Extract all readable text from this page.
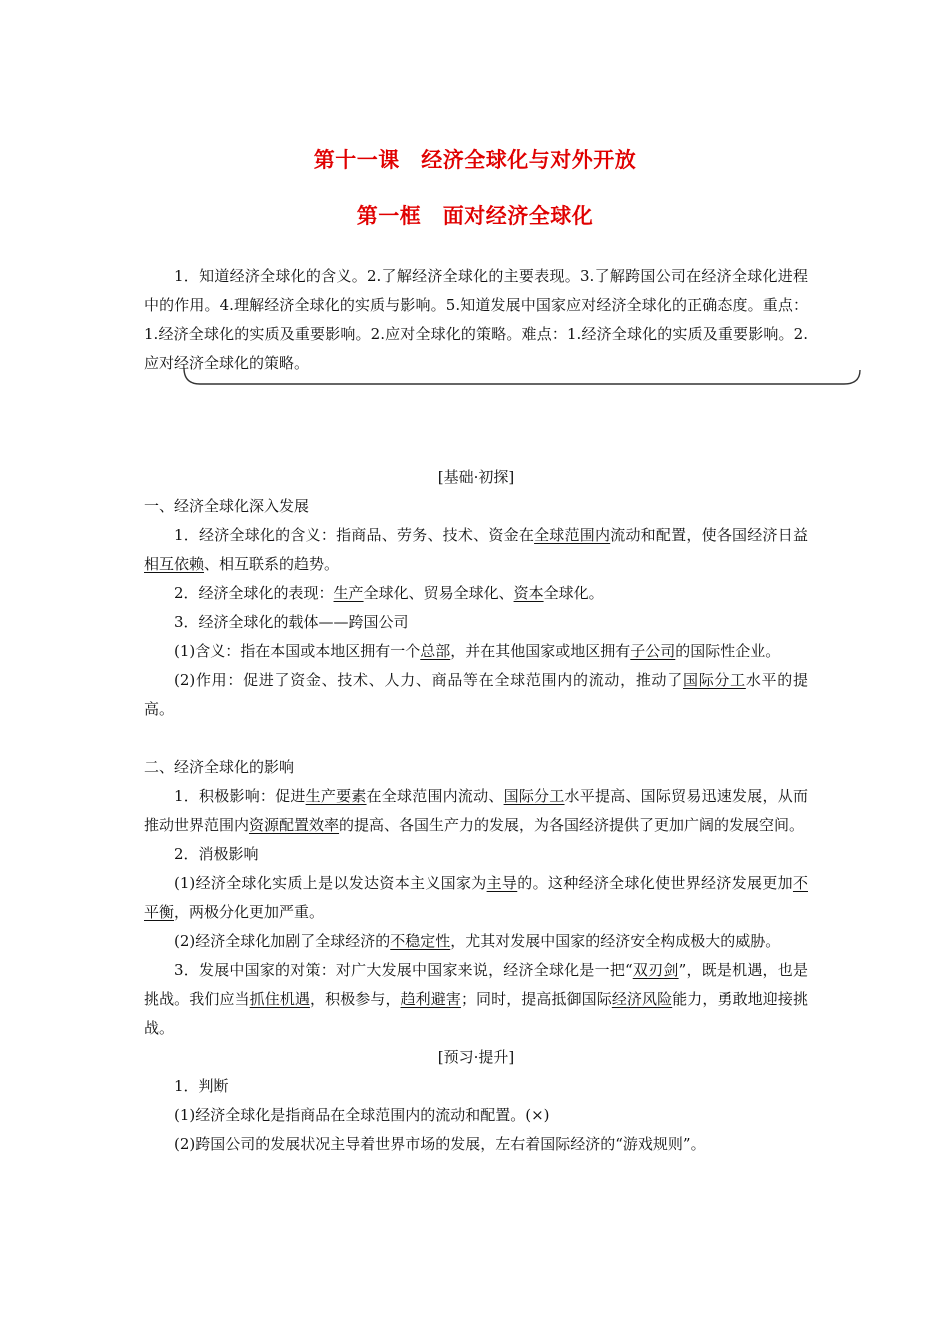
第十一课　经济全球化与对外开放
第一框　面对经济全球化
1．知道经济全球化的含义。2.了解经济全球化的主要表现。3.了解跨国公司在经济全球化进程中的作用。4.理解经济全球化的实质与影响。5.知道发展中国家应对经济全球化的正确态度。重点：1.经济全球化的实质及重要影响。2.应对全球化的策略。难点：1.经济全球化的实质及重要影响。2.应对经济全球化的策略。

[基础·初探]

一、经济全球化深入发展

1．经济全球化的含义：指商品、劳务、技术、资金在全球范围内流动和配置，使各国经济日益相互依赖、相互联系的趋势。

2．经济全球化的表现：生产全球化、贸易全球化、资本全球化。

3．经济全球化的载体——跨国公司

(1)含义：指在本国或本地区拥有一个总部，并在其他国家或地区拥有子公司的国际性企业。

(2)作用：促进了资金、技术、人力、商品等在全球范围内的流动，推动了国际分工水平的提高。

二、经济全球化的影响

1．积极影响：促进生产要素在全球范围内流动、国际分工水平提高、国际贸易迅速发展，从而推动世界范围内资源配置效率的提高、各国生产力的发展，为各国经济提供了更加广阔的发展空间。

2．消极影响

(1)经济全球化实质上是以发达资本主义国家为主导的。这种经济全球化使世界经济发展更加不平衡，两极分化更加严重。

(2)经济全球化加剧了全球经济的不稳定性，尤其对发展中国家的经济安全构成极大的威胁。

3．发展中国家的对策：对广大发展中国家来说，经济全球化是一把“双刃剑”，既是机遇，也是挑战。我们应当抓住机遇，积极参与，趋利避害；同时，提高抵御国际经济风险能力，勇敢地迎接挑战。

[预习·提升]

1．判断

(1)经济全球化是指商品在全球范围内的流动和配置。(×)

(2)跨国公司的发展状况主导着世界市场的发展，左右着国际经济的“游戏规则”。
